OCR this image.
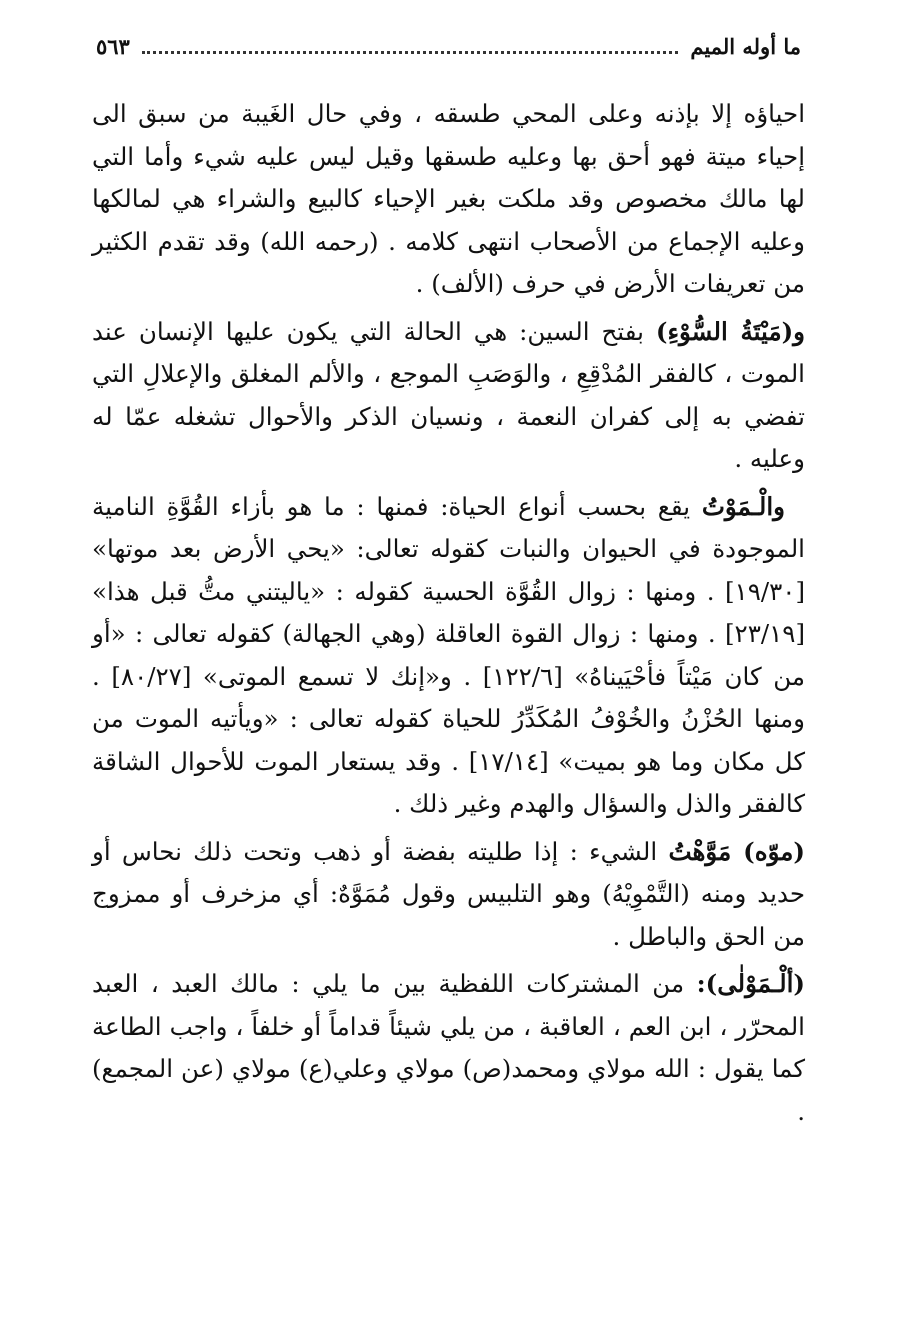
ما أوله الميم
٥٦٣

احياؤه إلا بإذنه وعلى المحي طسقه ، وفي حال الغَيبة من سبق الى إحياء ميتة فهو أحق بها وعليه طسقها وقيل ليس عليه شيء وأما التي لها مالك مخصوص وقد ملكت بغير الإحياء كالبيع والشراء هي لمالكها وعليه الإجماع من الأصحاب انتهى كلامه . (رحمه الله) وقد تقدم الكثير من تعريفات الأرض في حرف (الألف) .

و(مَيْتَةُ السُّوْءِ) بفتح السين: هي الحالة التي يكون عليها الإنسان عند الموت ، كالفقر المُدْقِعِ ، والوَصَبِ الموجع ، والألم المغلق والإعلالِ التي تفضي به إلى كفران النعمة ، ونسيان الذكر والأحوال تشغله عمّا له وعليه .

والْـمَوْتُ يقع بحسب أنواع الحياة: فمنها : ما هو بأزاء القُوَّةِ النامية الموجودة في الحيوان والنبات كقوله تعالى: «يحي الأرض بعد موتها» [١٩/٣٠] . ومنها : زوال القُوَّة الحسية كقوله : «ياليتني متُّ قبل هذا» [٢٣/١٩] . ومنها : زوال القوة العاقلة (وهي الجهالة) كقوله تعالى : «أو من كان مَيْتاً فأحْيَيناهُ» [١٢٢/٦] . و«إنك لا تسمع الموتى» [٨٠/٢٧] . ومنها الحُزْنُ والخُوْفُ المُكَدِّرُ للحياة كقوله تعالى : «ويأتيه الموت من كل مكان وما هو بميت» [١٧/١٤] . وقد يستعار الموت للأحوال الشاقة كالفقر والذل والسؤال والهدم وغير ذلك .

(موّه) مَوَّهْتُ الشيء : إذا طليته بفضة أو ذهب وتحت ذلك نحاس أو حديد ومنه (التَّمْوِيْهُ) وهو التلبيس وقول مُمَوَّهٌ: أي مزخرف أو ممزوج من الحق والباطل .

(ألْـمَوْلٰى): من المشتركات اللفظية بين ما يلي : مالك العبد ، العبد المحرّر ، ابن العم ، العاقبة ، من يلي شيئاً قداماً أو خلفاً ، واجب الطاعة كما يقول : الله مولاي ومحمد(ص) مولاي وعلي(ع) مولاي (عن المجمع) .
